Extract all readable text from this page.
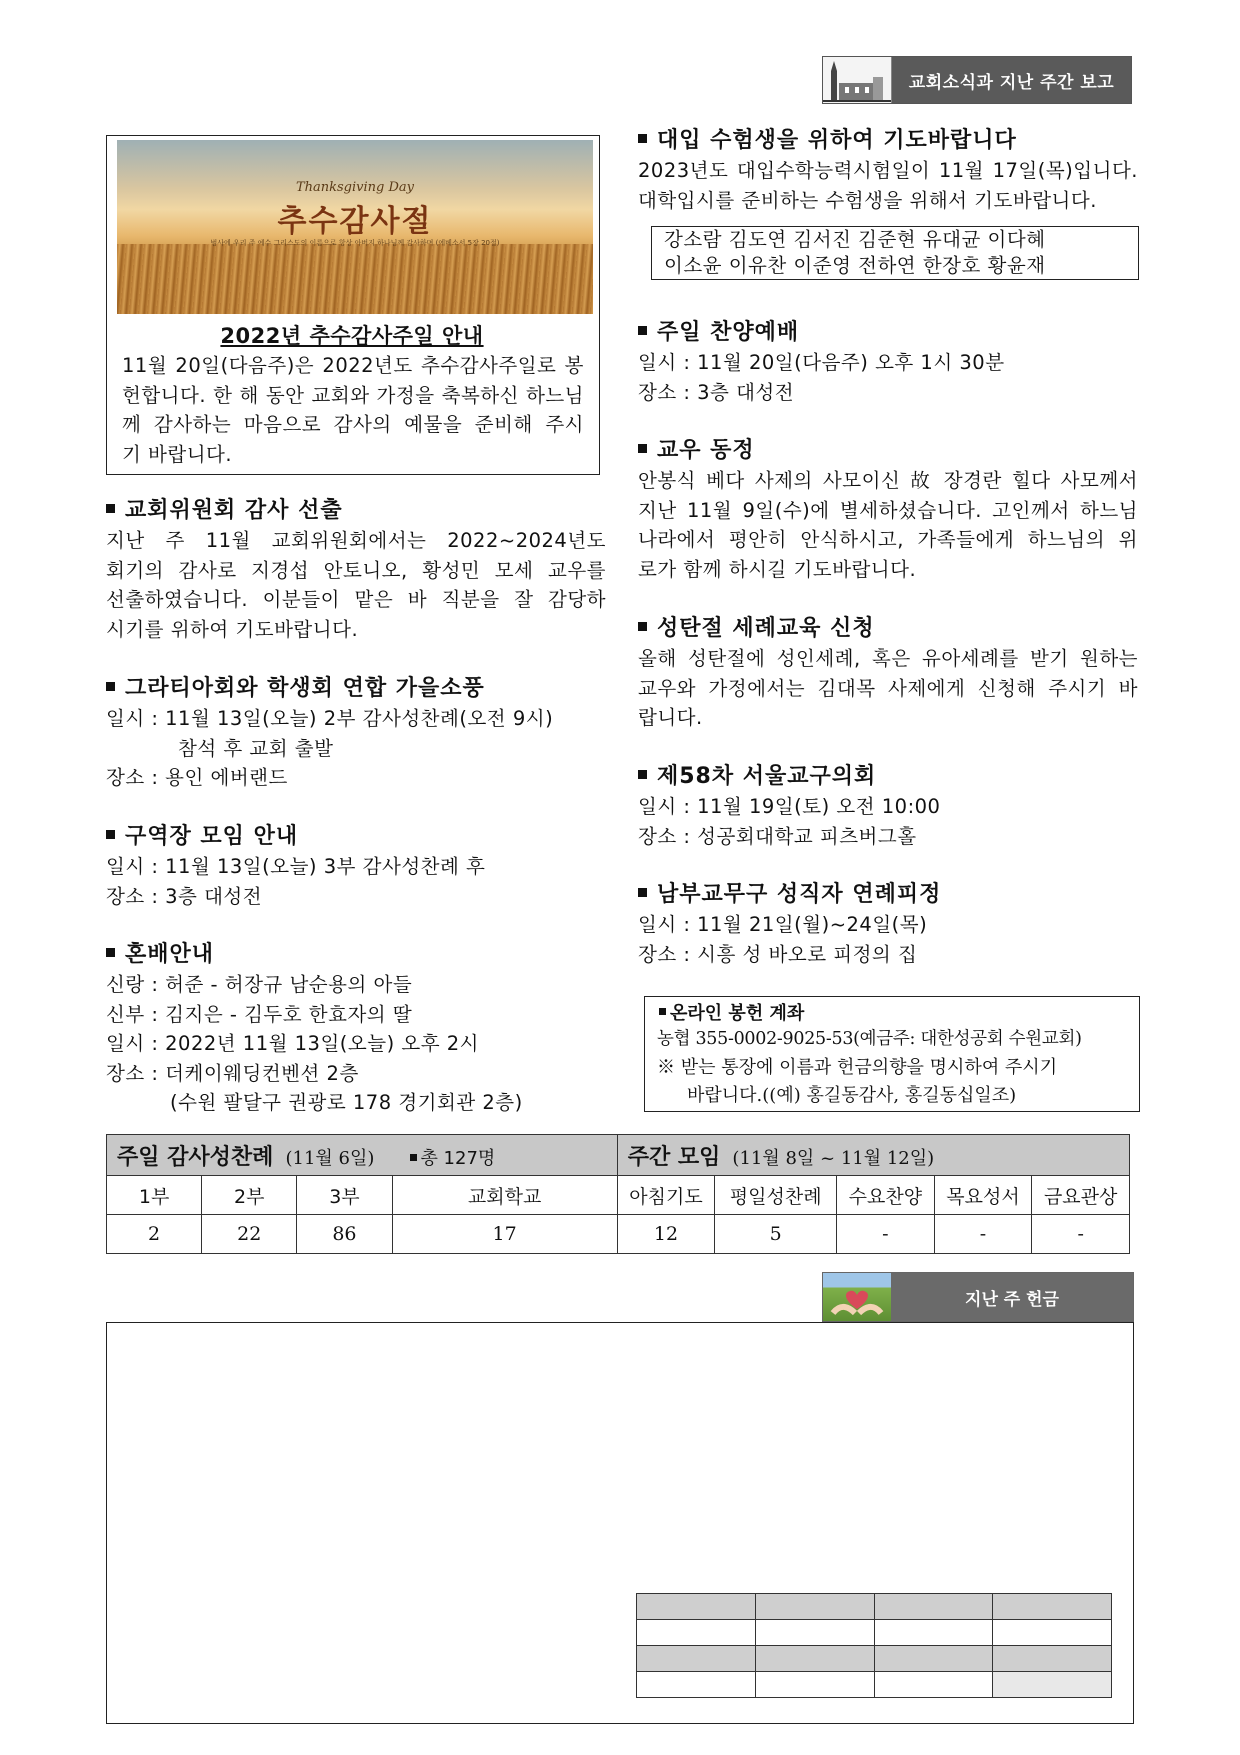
교회소식과 지난 주간 보고
Thanksgiving Day
추수감사절
범사에 우리 주 예수 그리스도의 이름으로 항상 아버지 하나님께 감사하며 (에베소서 5장 20절)
2022년 추수감사주일 안내
11월 20일(다음주)은 2022년도 추수감사주일로 봉
헌합니다. 한 해 동안 교회와 가정을 축복하신 하느님
께 감사하는 마음으로 감사의 예물을 준비해 주시
기 바랍니다.
교회위원회 감사 선출
지난 주 11월 교회위원회에서는 2022~2024년도
회기의 감사로 지경섭 안토니오, 황성민 모세 교우를
선출하였습니다. 이분들이 맡은 바 직분을 잘 감당하
시기를 위하여 기도바랍니다.
그라티아회와 학생회 연합 가을소풍
일시 : 11월 13일(오늘) 2부 감사성찬례(오전 9시)
참석 후 교회 출발
장소 : 용인 에버랜드
구역장 모임 안내
일시 : 11월 13일(오늘) 3부 감사성찬례 후
장소 : 3층 대성전
혼배안내
신랑 : 허준 - 허장규 남순용의 아들
신부 : 김지은 - 김두호 한효자의 딸
일시 : 2022년 11월 13일(오늘) 오후 2시
장소 : 더케이웨딩컨벤션 2층
(수원 팔달구 권광로 178 경기회관 2층)
대입 수험생을 위하여 기도바랍니다
2023년도 대입수학능력시험일이 11월 17일(목)입니다.
대학입시를 준비하는 수험생을 위해서 기도바랍니다.
강소람 김도연 김서진 김준현 유대균 이다혜
이소윤 이유찬 이준영 전하연 한장호 황윤재
주일 찬양예배
일시 : 11월 20일(다음주) 오후 1시 30분
장소 : 3층 대성전
교우 동정
안봉식 베다 사제의 사모이신 故 장경란 힐다 사모께서
지난 11월 9일(수)에 별세하셨습니다. 고인께서 하느님
나라에서 평안히 안식하시고, 가족들에게 하느님의 위
로가 함께 하시길 기도바랍니다.
성탄절 세례교육 신청
올해 성탄절에 성인세례, 혹은 유아세례를 받기 원하는
교우와 가정에서는 김대목 사제에게 신청해 주시기 바
랍니다.
제58차 서울교구의회
일시 : 11월 19일(토) 오전 10:00
장소 : 성공회대학교 피츠버그홀
남부교무구 성직자 연례피정
일시 : 11월 21일(월)~24일(목)
장소 : 시흥 성 바오로 피정의 집
온라인 봉헌 계좌
농협 355-0002-9025-53(예금주: 대한성공회 수원교회)
※ 받는 통장에 이름과 헌금의향을 명시하여 주시기
바랍니다.((예) 홍길동감사, 홍길동십일조)
주일 감사성찬례 (11월 6일) 총 127명				주간 모임 (11월 8일 ~ 11월 12일)				
1부	2부	3부	교회학교	아침기도	평일성찬례	수요찬양	목요성서	금요관상
2	22	86	17	12	5	-	-	-
지난 주 헌금
